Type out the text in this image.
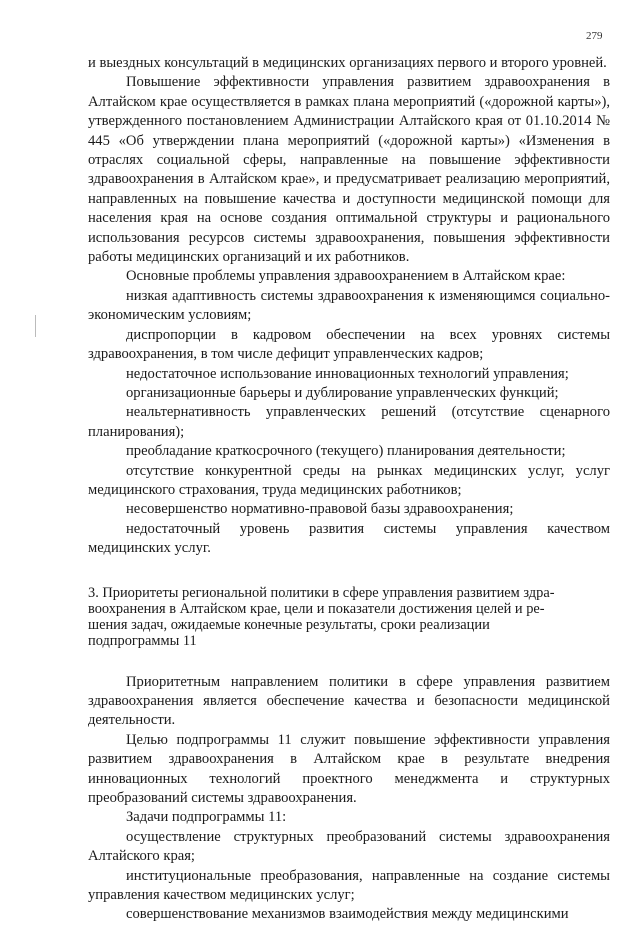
279

и выездных консультаций в медицинских организациях первого и второго уровней.

Повышение эффективности управления развитием здравоохранения в Алтайском крае осуществляется в рамках плана мероприятий («дорожной карты»), утвержденного постановлением Администрации Алтайского края от 01.10.2014 № 445 «Об утверждении плана мероприятий («дорожной карты») «Изменения в отраслях социальной сферы, направленные на повышение эффективности здравоохранения в Алтайском крае», и предусматривает реализацию мероприятий, направленных на повышение качества и доступности медицинской помощи для населения края на основе создания оптимальной структуры и рационального использования ресурсов системы здравоохранения, повышения эффективности работы медицинских организаций и их работников.

Основные проблемы управления здравоохранением в Алтайском крае:

низкая адаптивность системы здравоохранения к изменяющимся социально-экономическим условиям;

диспропорции в кадровом обеспечении на всех уровнях системы здравоохранения, в том числе дефицит управленческих кадров;

недостаточное использование инновационных технологий управления;

организационные барьеры и дублирование управленческих функций;

неальтернативность управленческих решений (отсутствие сценарного планирования);

преобладание краткосрочного (текущего) планирования деятельности;

отсутствие конкурентной среды на рынках медицинских услуг, услуг медицинского страхования, труда медицинских работников;

несовершенство нормативно-правовой базы здравоохранения;

недостаточный уровень развития системы управления качеством медицинских услуг.

3. Приоритеты региональной политики в сфере управления развитием здра-
воохранения в Алтайском крае, цели и показатели достижения целей и ре-
шения задач, ожидаемые конечные результаты, сроки реализации
подпрограммы 11

Приоритетным направлением политики в сфере управления развитием здравоохранения является обеспечение качества и безопасности медицинской деятельности.

Целью подпрограммы 11 служит повышение эффективности управления развитием здравоохранения в Алтайском крае в результате внедрения инновационных технологий проектного менеджмента и структурных преобразований системы здравоохранения.

Задачи подпрограммы 11:

осуществление структурных преобразований системы здравоохранения Алтайского края;

институциональные преобразования, направленные на создание системы управления качеством медицинских услуг;

совершенствование механизмов взаимодействия между медицинскими
